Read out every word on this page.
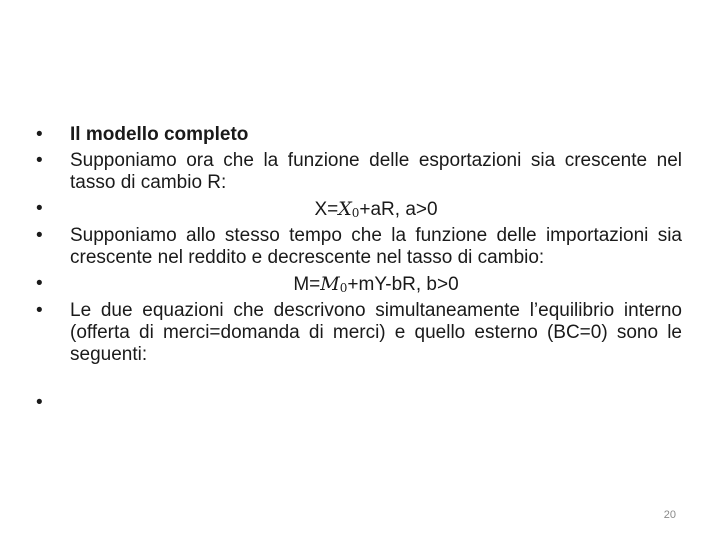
• Il modello completo
• Supponiamo ora che la funzione delle esportazioni sia crescente nel tasso di cambio R:
•	$X=X_0+aR$, a>0
• Supponiamo allo stesso tempo che la funzione delle importazioni sia crescente nel reddito e decrescente nel tasso di cambio:
•	$M=M_0+mY-bR$, b>0
• Le due equazioni che descrivono simultaneamente l’equilibrio interno (offerta di merci=domanda di merci) e quello esterno (BC=0) sono le seguenti:
•

20
